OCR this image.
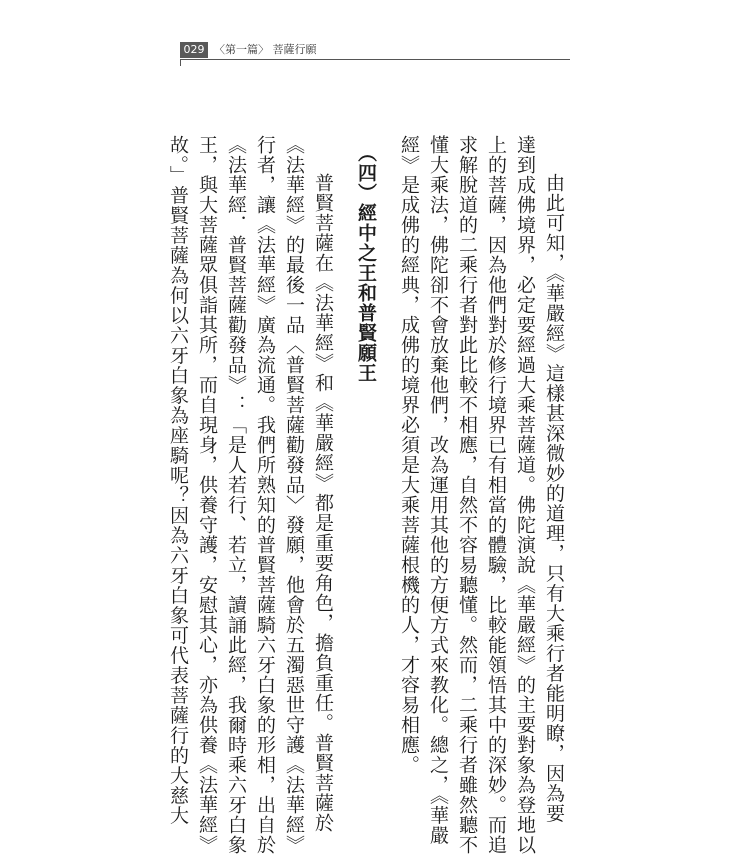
029 〈第一篇〉 菩薩行願

由此可知，《華嚴經》這樣甚深微妙的道理，只有大乘行者能明瞭，因為要

達到成佛境界，必定要經過大乘菩薩道。佛陀演說《華嚴經》的主要對象為登地以

上的菩薩，因為他們對於修行境界已有相當的體驗，比較能領悟其中的深妙。而追

求解脫道的二乘行者對此比較不相應，自然不容易聽懂。然而，二乘行者雖然聽不

懂大乘法，佛陀卻不會放棄他們，改為運用其他的方便方式來教化。總之，《華嚴

經》是成佛的經典，成佛的境界必須是大乘菩薩根機的人，才容易相應。

（四）經中之王和普賢願王

普賢菩薩在《法華經》和《華嚴經》都是重要角色，擔負重任。普賢菩薩於

《法華經》的最後一品〈普賢菩薩勸發品〉發願，他會於五濁惡世守護《法華經》

行者，讓《法華經》廣為流通。我們所熟知的普賢菩薩騎六牙白象的形相，出自於

《法華經．普賢菩薩勸發品》：「是人若行、若立，讀誦此經，我爾時乘六牙白象

王，與大菩薩眾俱詣其所，而自現身，供養守護，安慰其心，亦為供養《法華經》

故。」普賢菩薩為何以六牙白象為座騎呢？因為六牙白象可代表菩薩行的大慈大
